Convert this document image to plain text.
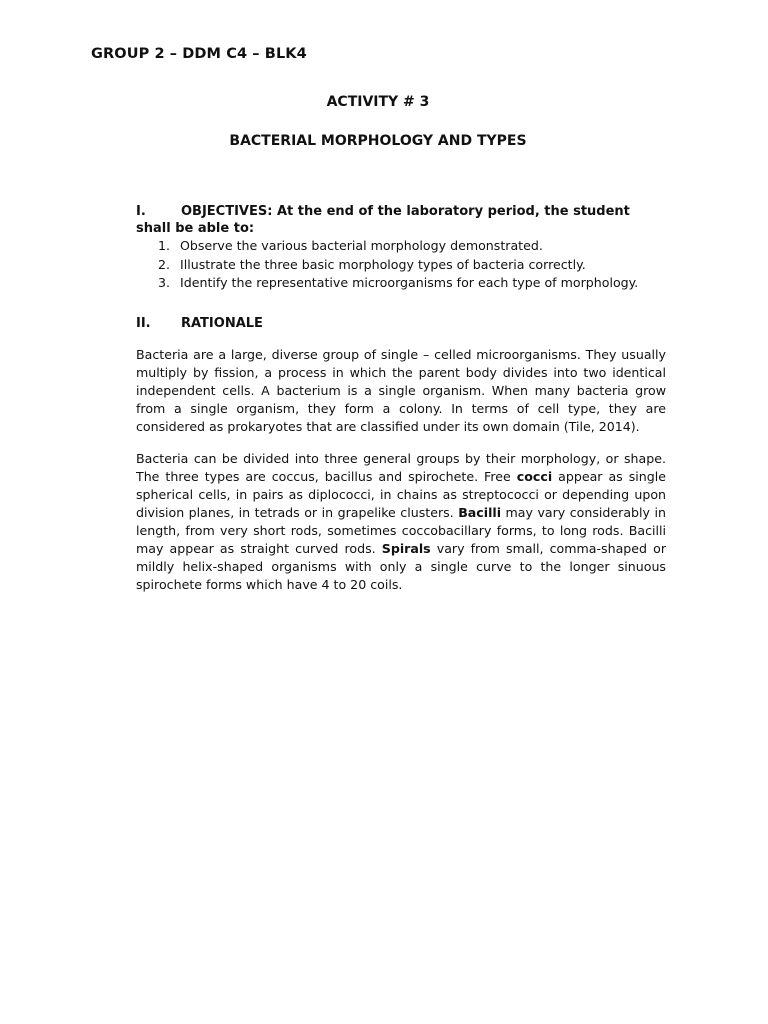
GROUP 2 – DDM C4 – BLK4
ACTIVITY # 3
BACTERIAL MORPHOLOGY AND TYPES
I.	OBJECTIVES: At the end of the laboratory period, the student shall be able to:
1. Observe the various bacterial morphology demonstrated.
2. Illustrate the three basic morphology types of bacteria correctly.
3. Identify the representative microorganisms for each type of morphology.
II. RATIONALE
Bacteria are a large, diverse group of single – celled microorganisms. They usually multiply by fission, a process in which the parent body divides into two identical independent cells. A bacterium is a single organism. When many bacteria grow from a single organism, they form a colony. In terms of cell type, they are considered as prokaryotes that are classified under its own domain (Tile, 2014).
Bacteria can be divided into three general groups by their morphology, or shape. The three types are coccus, bacillus and spirochete. Free cocci appear as single spherical cells, in pairs as diplococci, in chains as streptococci or depending upon division planes, in tetrads or in grapelike clusters. Bacilli may vary considerably in length, from very short rods, sometimes coccobacillary forms, to long rods. Bacilli may appear as straight curved rods. Spirals vary from small, comma-shaped or mildly helix-shaped organisms with only a single curve to the longer sinuous spirochete forms which have 4 to 20 coils.
